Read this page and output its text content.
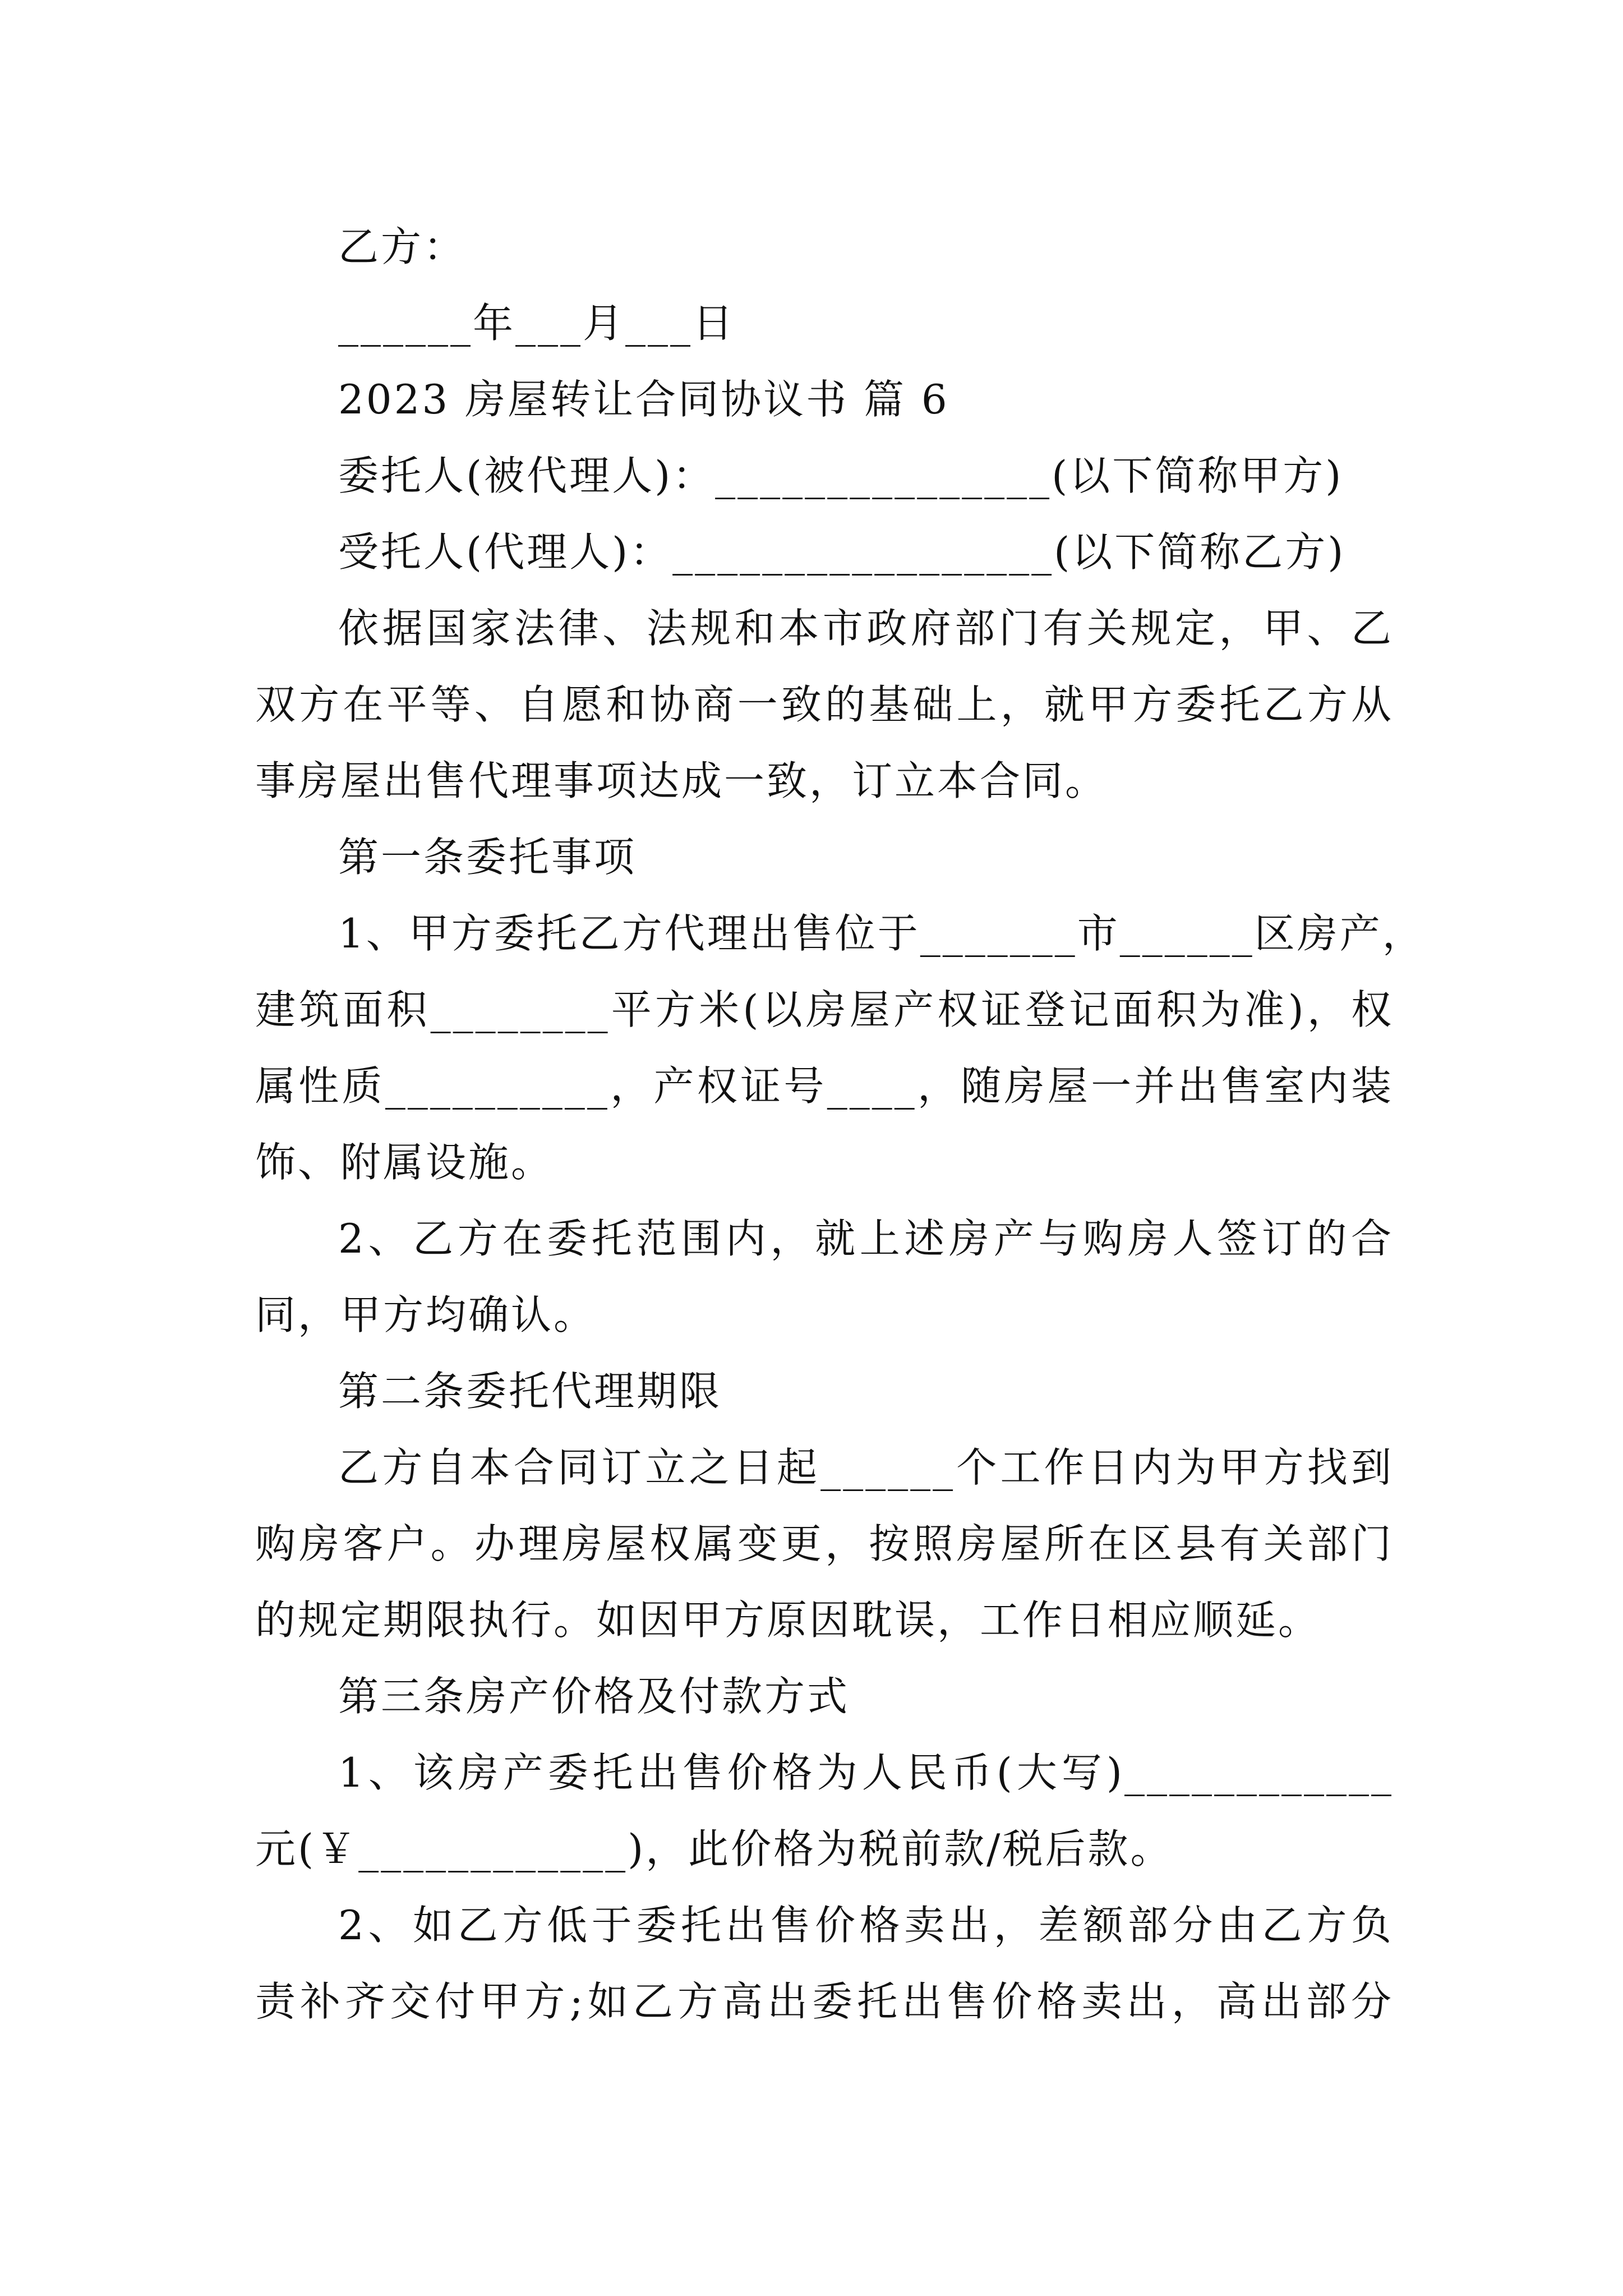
乙方：
______年___月___日
2023 房屋转让合同协议书 篇 6
委托人(被代理人)：_______________(以下简称甲方)
受托人(代理人)：_________________(以下简称乙方)
依据国家法律、法规和本市政府部门有关规定，甲、乙
双方在平等、自愿和协商一致的基础上，就甲方委托乙方从
事房屋出售代理事项达成一致，订立本合同。
第一条委托事项
1、甲方委托乙方代理出售位于_______市______区房产，
建筑面积________平方米(以房屋产权证登记面积为准)，权
属性质__________，产权证号____，随房屋一并出售室内装
饰、附属设施。
2、乙方在委托范围内，就上述房产与购房人签订的合
同，甲方均确认。
第二条委托代理期限
乙方自本合同订立之日起______个工作日内为甲方找到
购房客户。办理房屋权属变更，按照房屋所在区县有关部门
的规定期限执行。如因甲方原因耽误，工作日相应顺延。
第三条房产价格及付款方式
1、该房产委托出售价格为人民币(大写)____________
元(￥____________)，此价格为税前款/税后款。
2、如乙方低于委托出售价格卖出，差额部分由乙方负
责补齐交付甲方;如乙方高出委托出售价格卖出，高出部分
